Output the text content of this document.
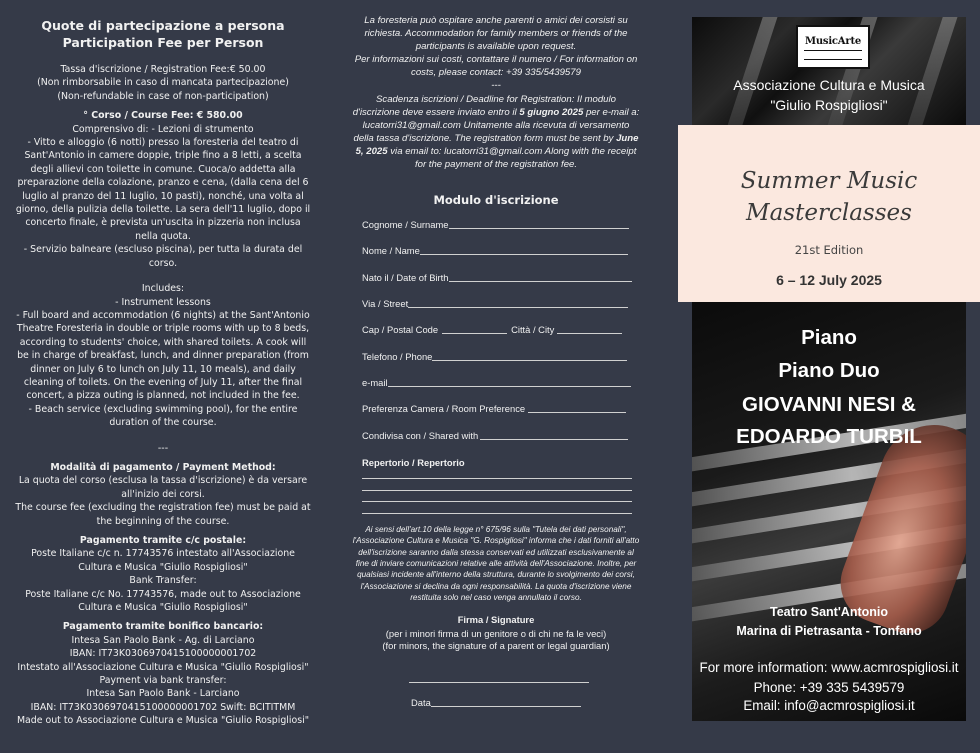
Quote di partecipazione a persona
Participation Fee per Person

Tassa d'iscrizione / Registration Fee:€ 50.00

(Non rimborsabile in caso di mancata partecipazione)

(Non-refundable in case of non-participation)

° Corso / Course Fee: € 580.00

Comprensivo di: - Lezioni di strumento

- Vitto e alloggio (6 notti) presso la foresteria del teatro di Sant'Antonio in camere doppie, triple fino a 8 letti, a scelta degli allievi con toilette in comune. Cuoca/o addetta alla preparazione della colazione, pranzo e cena, (dalla cena del 6 luglio al pranzo del 11 luglio, 10 pasti), nonché, una volta al giorno, della pulizia della toilette. La sera dell'11 luglio, dopo il concerto finale, è prevista un'uscita in pizzeria non inclusa nella quota.

- Servizio balneare (escluso piscina), per tutta la durata del corso.

Includes:

- Instrument lessons

- Full board and accommodation (6 nights) at the Sant'Antonio Theatre Foresteria in double or triple rooms with up to 8 beds, according to students' choice, with shared toilets. A cook will be in charge of breakfast, lunch, and dinner preparation (from dinner on July 6 to lunch on July 11, 10 meals), and daily cleaning of toilets. On the evening of July 11, after the final concert, a pizza outing is planned, not included in the fee.

- Beach service (excluding swimming pool), for the entire duration of the course.

---

Modalità di pagamento / Payment Method:

La quota del corso (esclusa la tassa d'iscrizione) è da versare all'inizio dei corsi.

The course fee (excluding the registration fee) must be paid at the beginning of the course.

Pagamento tramite c/c postale:

Poste Italiane c/c n. 17743576 intestato all'Associazione Cultura e Musica "Giulio Rospigliosi"

Bank Transfer:

Poste Italiane c/c No. 17743576, made out to Associazione Cultura e Musica "Giulio Rospigliosi"

Pagamento tramite bonifico bancario:

Intesa San Paolo Bank - Ag. di Larciano

IBAN: IT73K0306970415100000001702

Intestato all'Associazione Cultura e Musica "Giulio Rospigliosi"

Payment via bank transfer:

Intesa San Paolo Bank - Larciano

IBAN: IT73K0306970415100000001702 Swift: BCITITMM

Made out to Associazione Cultura e Musica "Giulio Rospigliosi"

La foresteria può ospitare anche parenti o amici dei corsisti su richiesta. Accommodation for family members or friends of the participants is available upon request.
Per informazioni sui costi, contattare il numero / For information on costs, please contact: +39 335/5439579
---
Scadenza iscrizioni / Deadline for Registration: Il modulo d'iscrizione deve essere inviato entro il 5 giugno 2025 per e-mail a: lucatorri31@gmail.com Unitamente alla ricevuta di versamento della tassa d'iscrizione. The registration form must be sent by June 5, 2025 via email to: lucatorri31@gmail.com Along with the receipt for the payment of the registration fee.
Modulo d'iscrizione
Cognome / Surname
Nome / Name
Nato il / Date of Birth
Via / Street
Cap / Postal Code	Città / City
Telefono / Phone
e-mail
Preferenza Camera / Room Preference
Condivisa con / Shared with
Repertorio / Repertorio
Ai sensi dell'art.10 della legge n° 675/96 sulla "Tutela dei dati personali", l'Associazione Cultura e Musica "G. Rospigliosi" informa che i dati forniti all'atto dell'iscrizione saranno dalla stessa conservati ed utilizzati esclusivamente al fine di inviare comunicazioni relative alle attività dell'Associazione. Inoltre, per qualsiasi incidente all'interno della struttura, durante lo svolgimento dei corsi, l'Associazione si declina da ogni responsabilità. La quota d'iscrizione viene restituita solo nel caso venga annullato il corso.
Firma / Signature
(per i minori firma di un genitore o di chi ne fa le veci)
(for minors, the signature of a parent or legal guardian)
Data
MusicArte
Associazione Cultura e Musica
"Giulio Rospigliosi"
Summer Music
Masterclasses
21st Edition
6 – 12 July 2025
Piano
Piano Duo
GIOVANNI NESI &
EDOARDO TURBIL
Teatro Sant'Antonio
Marina di Pietrasanta - Tonfano
For more information: www.acmrospigliosi.it
Phone: +39 335 5439579
Email: info@acmrospigliosi.it
